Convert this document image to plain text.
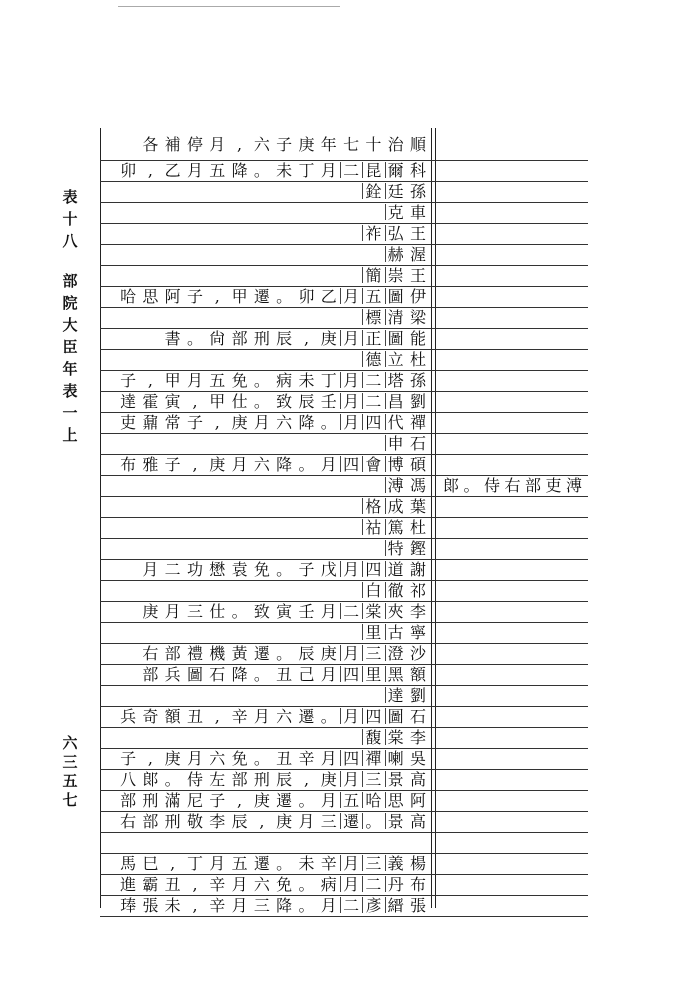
表
十
八
部
院
大
臣
年
表
一
上
六
三
五
七
各 補 停 月 , 六 子 庚 年 七 十 治 順
卯 , 乙 月 五 降 。 未 丁 月 二 昆 爾 科
銓 廷 孫
克 車
祚 弘 王
赫 渥
簡 崇 王
哈 思 阿 子 , 甲 遷 。 卯 乙 月 五 圖 伊
標 清 梁
書 。 尙 部 刑 辰 , 庚 月 正 圖 能
德 立 杜
子 , 甲 月 五 免 。 病 未 丁 月 二 塔 孫
達 霍 寅 , 甲 仕 。 致 辰 壬 月 二 昌 劉
吏 鼐 常 子 , 庚 月 六 降 。 月 四 代 禪
申 石
布 雅 子 , 庚 月 六 降 。 月 四 會 博 碩
溥 馮
格 成 葉
祜 篤 杜
特 鏗
月 二 功 懋 袁 免 。 子 戊 月 四 道 謝
白 徹 祁
庚 月 三 仕 。 致 寅 壬 月 二 棠 夾 李
里 古 寧
右 部 禮 機 黃 遷 。 辰 庚 月 三 澄 沙
部 兵 圖 石 降 。 丑 己 月 四 里 黑 額
達 劉
兵 奇 額 丑 , 辛 月 六 遷 。 月 四 圖 石
馥 棠 李
子 , 庚 月 六 免 。 丑 辛 月 四 禪 喇 吳
八 郞 。 侍 左 部 刑 辰 , 庚 月 三 景 高
部 刑 滿 尼 子 , 庚 遷 。 月 五 哈 思 阿
右 部 刑 敬 李 辰 , 庚 月 三 遷 。 景 高
馬 巳 , 丁 月 五 遷 。 未 辛 月 三 義 楊
進 霸 丑 , 辛 月 六 免 。 病 月 二 丹 布
琫 張 未 , 辛 月 三 降 。 月 二 彥 縉 張
郞 。 侍 右 部 吏 溥
